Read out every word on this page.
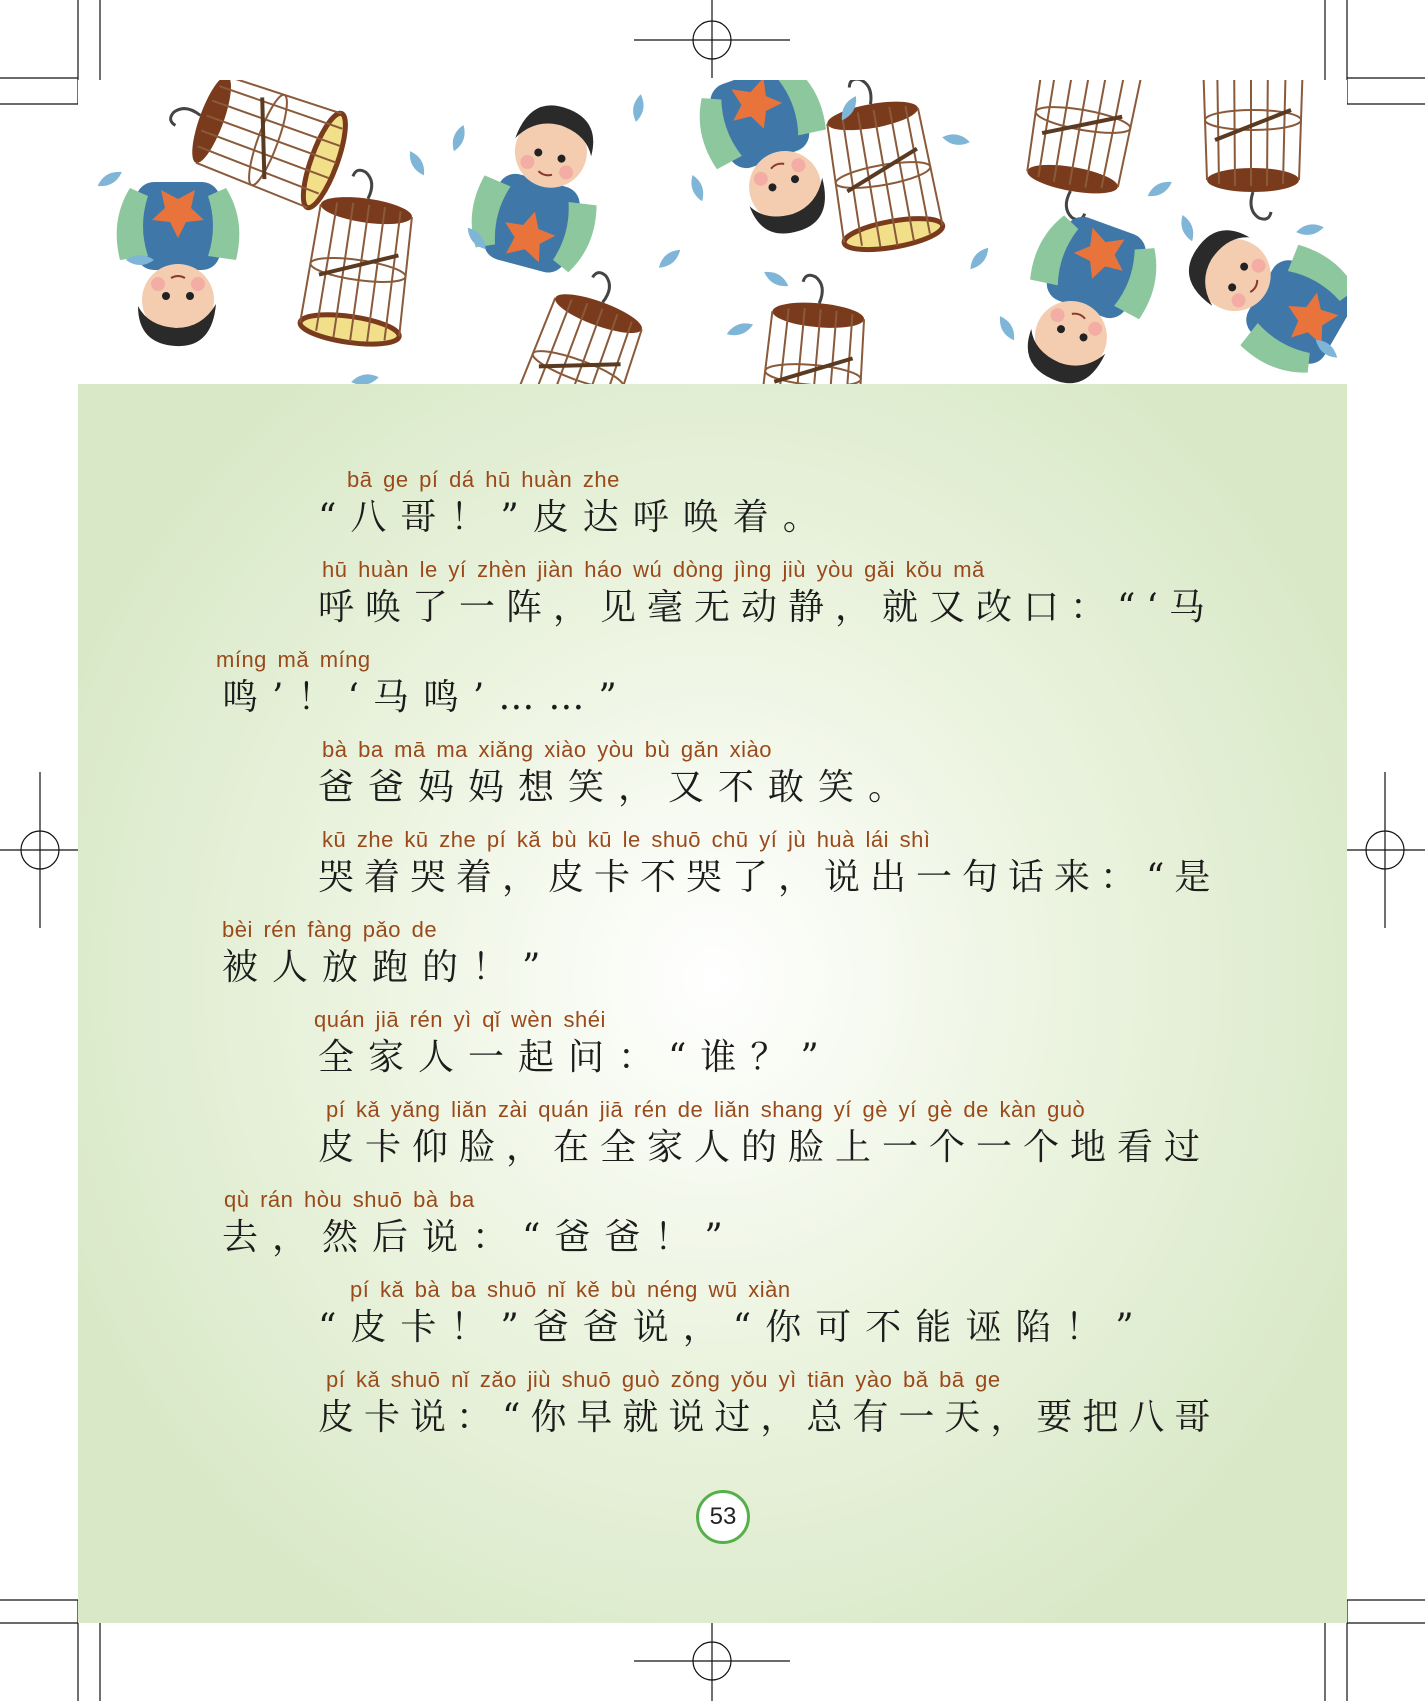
bā ge pí dá hū huàn zhe
“八哥！”皮达呼唤着。
hū huàn le yí zhèn jiàn háo wú dòng jìng jiù yòu gǎi kǒu mǎ
呼唤了一阵，见毫无动静，就又改口：“‘马
míng mǎ míng
鸣’！‘马鸣’……”
bà ba mā ma xiǎng xiào yòu bù gǎn xiào
爸爸妈妈想笑，又不敢笑。
kū zhe kū zhe pí kǎ bù kū le shuō chū yí jù huà lái shì
哭着哭着，皮卡不哭了，说出一句话来：“是
bèi rén fàng pǎo de
被人放跑的！”
quán jiā rén yì qǐ wèn shéi
全家人一起问：“谁？”
pí kǎ yǎng liǎn zài quán jiā rén de liǎn shang yí gè yí gè de kàn guò
皮卡仰脸，在全家人的脸上一个一个地看过
qù rán hòu shuō bà ba
去，然后说：“爸爸！”
pí kǎ bà ba shuō nǐ kě bù néng wū xiàn
“皮卡！”爸爸说，“你可不能诬陷！”
pí kǎ shuō nǐ zǎo jiù shuō guò zǒng yǒu yì tiān yào bǎ bā ge
皮卡说：“你早就说过，总有一天，要把八哥
53
